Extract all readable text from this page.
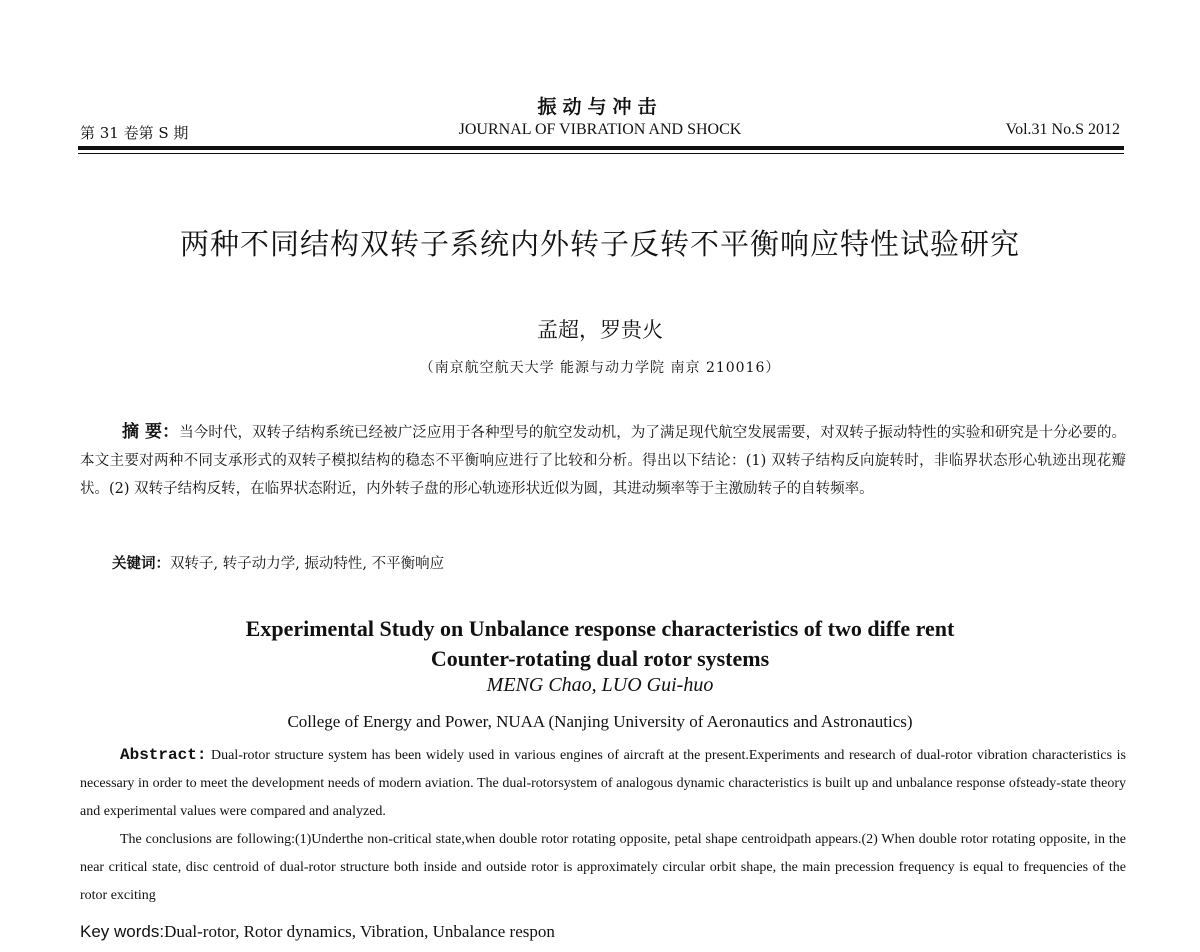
振动与冲击
第 31 卷第 S 期	JOURNAL OF VIBRATION AND SHOCK	Vol.31 No.S 2012
两种不同结构双转子系统内外转子反转不平衡响应特性试验研究
孟超，罗贵火
（南京航空航天大学 能源与动力学院 南京 210016）
摘 要：当今时代，双转子结构系统已经被广泛应用于各种型号的航空发动机，为了满足现代航空发展需要，对双转子振动特性的实验和研究是十分必要的。本文主要对两种不同支承形式的双转子模拟结构的稳态不平衡响应进行了比较和分析。得出以下结论：(1) 双转子结构反向旋转时，非临界状态形心轨迹出现花瓣状。(2) 双转子结构反转，在临界状态附近，内外转子盘的形心轨迹形状近似为圆，其进动频率等于主激励转子的自转频率。
关键词：双转子, 转子动力学, 振动特性, 不平衡响应
Experimental Study on Unbalance response characteristics of two diffe rent
Counter-rotating dual rotor systems
MENG Chao, LUO Gui-huo
College of Energy and Power, NUAA (Nanjing University of Aeronautics and Astronautics)

Abstract: Dual-rotor structure system has been widely used in various engines of aircraft at the present.Experiments and research of dual-rotor vibration characteristics is necessary in order to meet the development needs of modern aviation. The dual-rotorsystem of analogous dynamic characteristics is built up and unbalance response ofsteady-state theory and experimental values were compared and analyzed.

The conclusions are following:(1)Underthe non-critical state,when double rotor rotating opposite, petal shape centroidpath appears.(2) When double rotor rotating opposite, in the near critical state, disc centroid of dual-rotor structure both inside and outside rotor is approximately circular orbit shape, the main precession frequency is equal to frequencies of the rotor exciting

Key words:Dual-rotor, Rotor dynamics, Vibration, Unbalance respon
